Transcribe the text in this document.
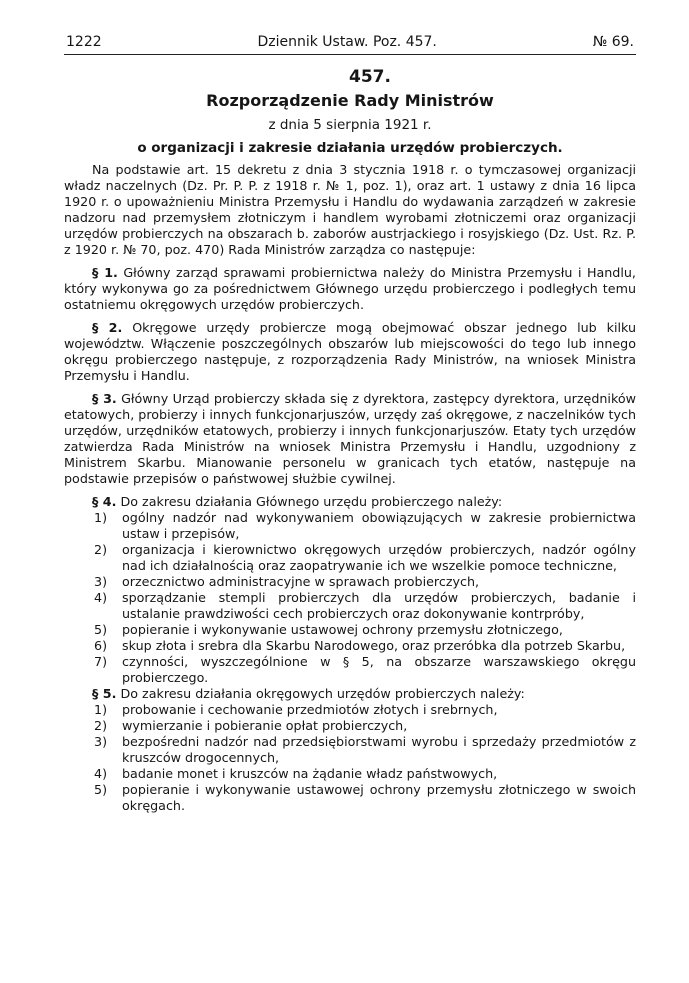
1222	Dziennik Ustaw. Poz. 457.	№ 69.
457.
Rozporządzenie Rady Ministrów
z dnia 5 sierpnia 1921 r.
o organizacji i zakresie działania urzędów probierczych.

Na podstawie art. 15 dekretu z dnia 3 stycznia 1918 r. o tymczasowej organizacji władz naczelnych (Dz. Pr. P. P. z 1918 r. № 1, poz. 1), oraz art. 1 ustawy z dnia 16 lipca 1920 r. o upoważnieniu Ministra Przemysłu i Handlu do wydawania zarządzeń w zakresie nadzoru nad przemysłem złotniczym i handlem wyrobami złotniczemi oraz organizacji urzędów probierczych na obszarach b. zaborów austrjackiego i rosyjskiego (Dz. Ust. Rz. P. z 1920 r. № 70, poz. 470) Rada Ministrów zarządza co następuje:

§ 1. Główny zarząd sprawami probiernictwa należy do Ministra Przemysłu i Handlu, który wykonywa go za pośrednictwem Głównego urzędu probierczego i podległych temu ostatniemu okręgowych urzędów probierczych.

§ 2. Okręgowe urzędy probiercze mogą obejmować obszar jednego lub kilku województw. Włączenie poszczególnych obszarów lub miejscowości do tego lub innego okręgu probierczego następuje, z rozporządzenia Rady Ministrów, na wniosek Ministra Przemysłu i Handlu.

§ 3. Główny Urząd probierczy składa się z dyrektora, zastępcy dyrektora, urzędników etatowych, probierzy i innych funkcjonarjuszów, urzędy zaś okręgowe, z naczelników tych urzędów, urzędników etatowych, probierzy i innych funkcjonarjuszów. Etaty tych urzędów zatwierdza Rada Ministrów na wniosek Ministra Przemysłu i Handlu, uzgodniony z Ministrem Skarbu. Mianowanie personelu w granicach tych etatów, następuje na podstawie przepisów o państwowej służbie cywilnej.

§ 4. Do zakresu działania Głównego urzędu probierczego należy:

1) ogólny nadzór nad wykonywaniem obowiązujących w zakresie probiernictwa ustaw i przepisów,
2) organizacja i kierownictwo okręgowych urzędów probierczych, nadzór ogólny nad ich działalnością oraz zaopatrywanie ich we wszelkie pomoce techniczne,
3) orzecznictwo administracyjne w sprawach probierczych,
4) sporządzanie stempli probierczych dla urzędów probierczych, badanie i ustalanie prawdziwości cech probierczych oraz dokonywanie kontrpróby,
5) popieranie i wykonywanie ustawowej ochrony przemysłu złotniczego,
6) skup złota i srebra dla Skarbu Narodowego, oraz przeróbka dla potrzeb Skarbu,
7) czynności, wyszczególnione w § 5, na obszarze warszawskiego okręgu probierczego.

§ 5. Do zakresu działania okręgowych urzędów probierczych należy:

1) probowanie i cechowanie przedmiotów złotych i srebrnych,
2) wymierzanie i pobieranie opłat probierczych,
3) bezpośredni nadzór nad przedsiębiorstwami wyrobu i sprzedaży przedmiotów z kruszców drogocennych,
4) badanie monet i kruszców na żądanie władz państwowych,
5) popieranie i wykonywanie ustawowej ochrony przemysłu złotniczego w swoich okręgach.
